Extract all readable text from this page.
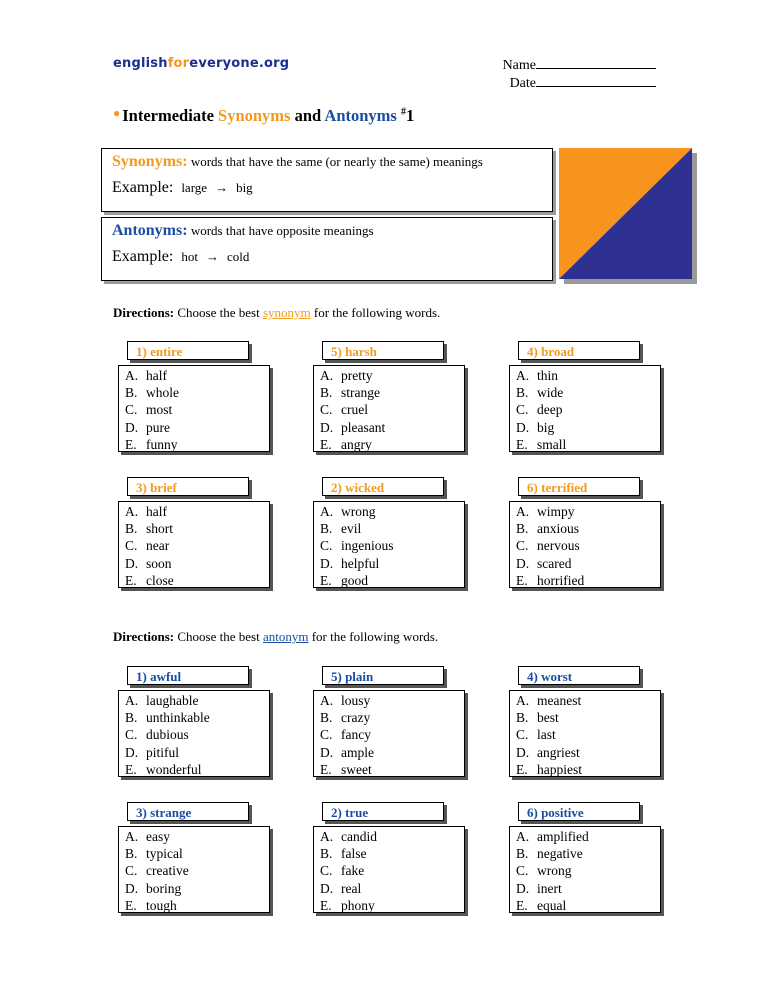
englishforeveryone.org	Name
Date
● Intermediate Synonyms and Antonyms #1
Synonyms: words that have the same (or nearly the same) meanings
Example: large → big
Antonyms: words that have opposite meanings
Example: hot → cold
Directions: Choose the best synonym for the following words.
1) entire
A. half
B. whole
C. most
D. pure
E. funny
3) brief
A. half
B. short
C. near
D. soon
E. close
5) harsh
A. pretty
B. strange
C. cruel
D. pleasant
E. angry
2) wicked
A. wrong
B. evil
C. ingenious
D. helpful
E. good
4) broad
A. thin
B. wide
C. deep
D. big
E. small
6) terrified
A. wimpy
B. anxious
C. nervous
D. scared
E. horrified
Directions: Choose the best antonym for the following words.
1) awful
A. laughable
B. unthinkable
C. dubious
D. pitiful
E. wonderful
3) strange
A. easy
B. typical
C. creative
D. boring
E. tough
5) plain
A. lousy
B. crazy
C. fancy
D. ample
E. sweet
2) true
A. candid
B. false
C. fake
D. real
E. phony
4) worst
A. meanest
B. best
C. last
D. angriest
E. happiest
6) positive
A. amplified
B. negative
C. wrong
D. inert
E. equal
